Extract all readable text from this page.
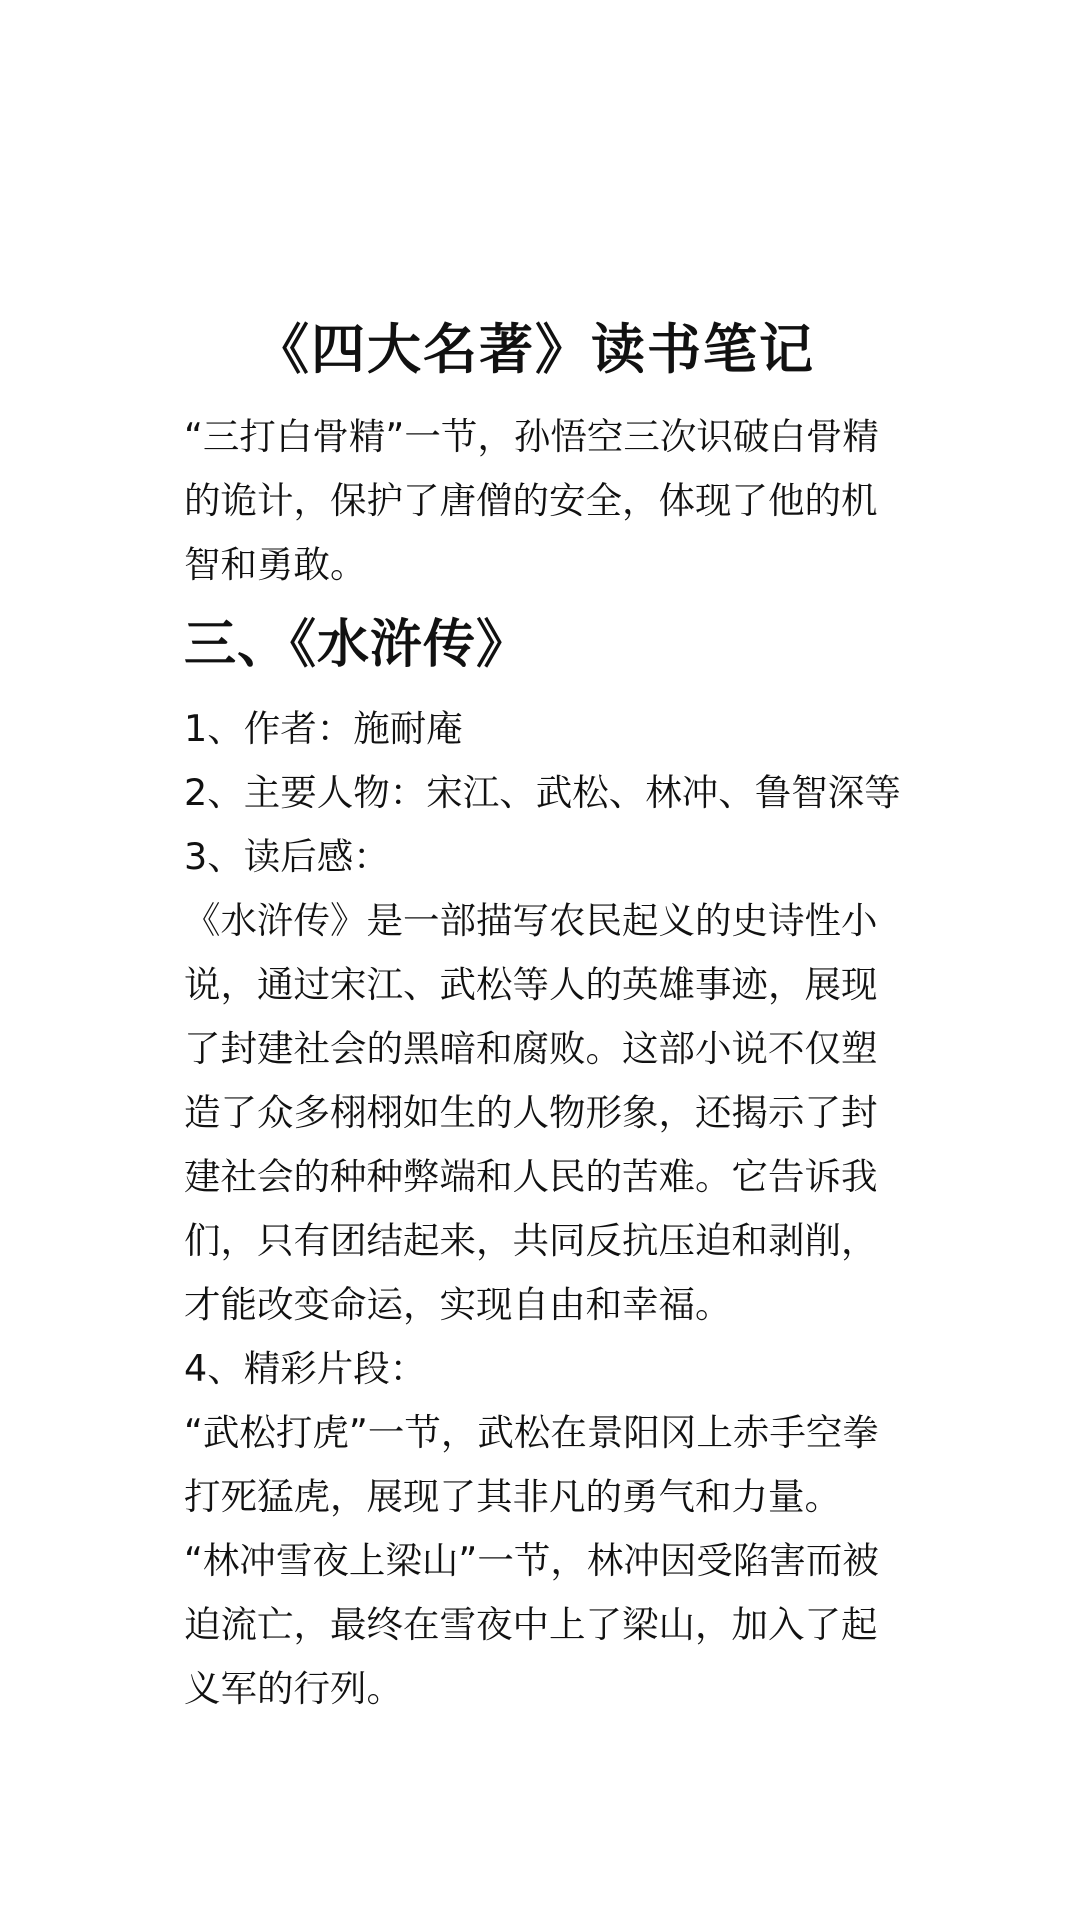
《四大名著》读书笔记

“三打白骨精”一节，孙悟空三次识破白骨精的诡计，保护了唐僧的安全，体现了他的机智和勇敢。

三、《水浒传》

1、作者：施耐庵

2、主要人物：宋江、武松、林冲、鲁智深等

3、读后感：

《水浒传》是一部描写农民起义的史诗性小说，通过宋江、武松等人的英雄事迹，展现了封建社会的黑暗和腐败。这部小说不仅塑造了众多栩栩如生的人物形象，还揭示了封建社会的种种弊端和人民的苦难。它告诉我们，只有团结起来，共同反抗压迫和剥削，才能改变命运，实现自由和幸福。

4、精彩片段：

“武松打虎”一节，武松在景阳冈上赤手空拳打死猛虎，展现了其非凡的勇气和力量。

“林冲雪夜上梁山”一节，林冲因受陷害而被迫流亡，最终在雪夜中上了梁山，加入了起义军的行列。
